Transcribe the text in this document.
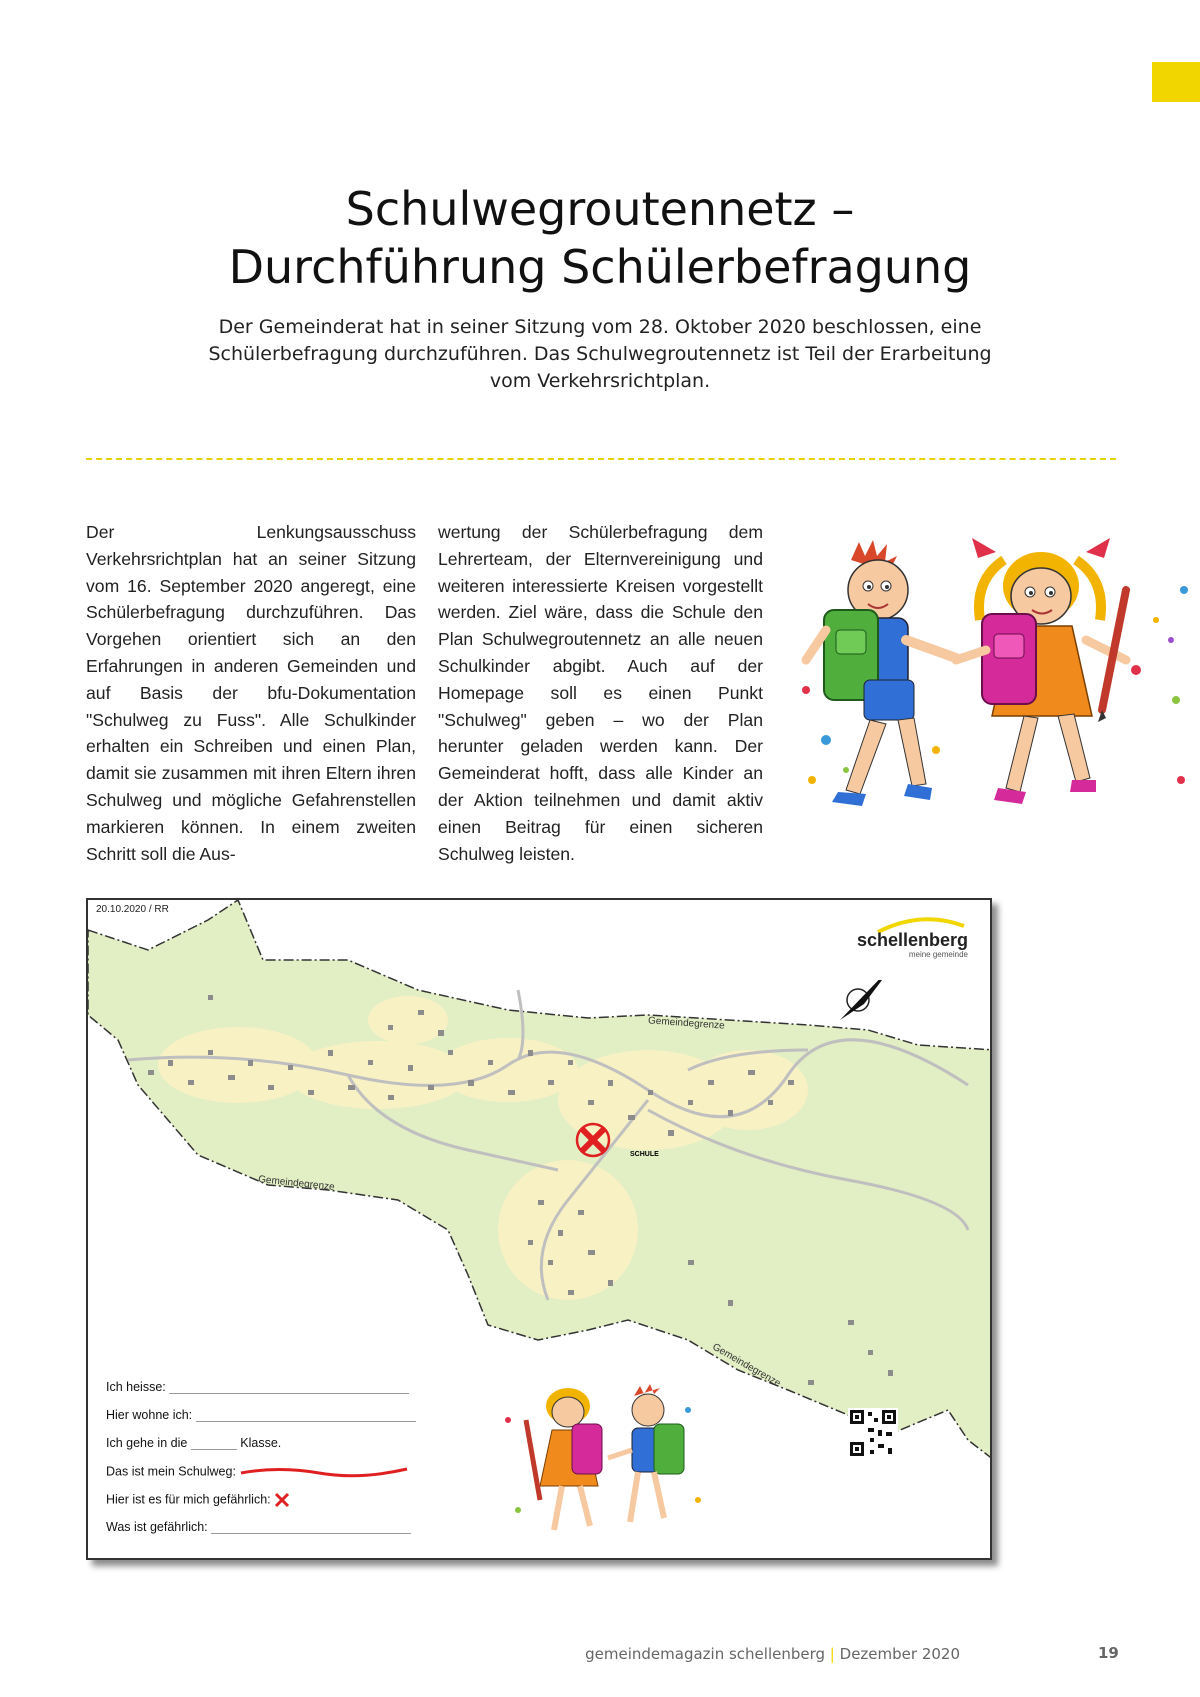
Schulwegroutennetz –
Durchführung Schülerbefragung

Der Gemeinderat hat in seiner Sitzung vom 28. Oktober 2020 beschlossen, eine Schülerbefragung durchzuführen. Das Schulwegroutennetz ist Teil der Erarbeitung vom Verkehrsrichtplan.

Der Lenkungsausschuss Verkehrsrichtplan hat an seiner Sitzung vom 16. September 2020 angeregt, eine Schülerbefragung durchzuführen. Das Vorgehen orientiert sich an den Erfahrungen in anderen Gemeinden und auf Basis der bfu-Dokumentation "Schulweg zu Fuss". Alle Schulkinder erhalten ein Schreiben und einen Plan, damit sie zusammen mit ihren Eltern ihren Schulweg und mögliche Gefahrenstellen markieren können. In einem zweiten Schritt soll die Aus-

wertung der Schülerbefragung dem Lehrerteam, der Elternvereinigung und weiteren interessierte Kreisen vorgestellt werden. Ziel wäre, dass die Schule den Plan Schulwegroutennetz an alle neuen Schulkinder abgibt. Auch auf der Homepage soll es einen Punkt "Schulweg" geben – wo der Plan herunter geladen werden kann. Der Gemeinderat hofft, dass alle Kinder an der Aktion teilnehmen und damit aktiv einen Beitrag für einen sicheren Schulweg leisten.

20.10.2020 / RR
schellenberg
meine gemeinde
Gemeindegrenze
Gemeindegrenze
Gemeindegrenze
SCHULE
Ich heisse:
Hier wohne ich:
Ich gehe in die	Klasse.
Das ist mein Schulweg:
Hier ist es für mich gefährlich:
Was ist gefährlich:
gemeindemagazin schellenberg | Dezember 2020	19
